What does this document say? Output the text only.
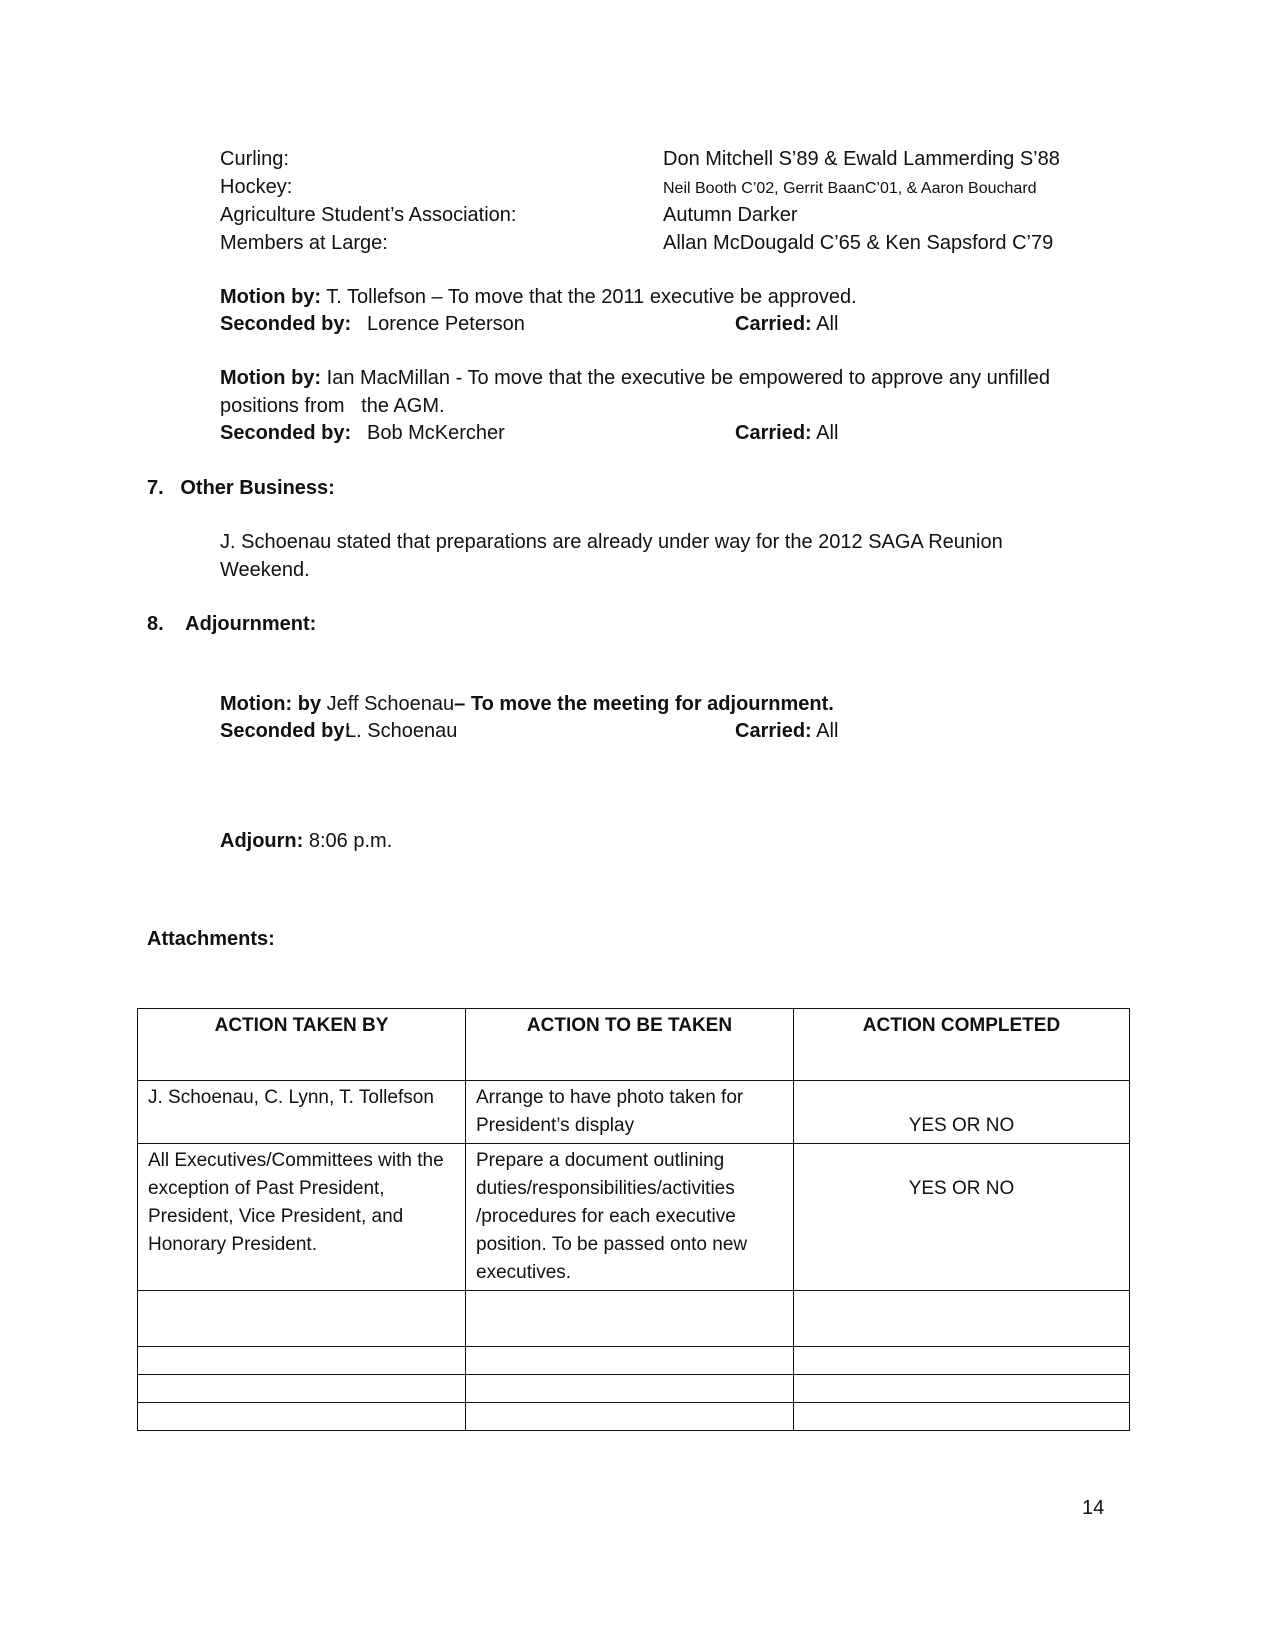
Curling:	Don Mitchell S’89 & Ewald Lammerding S’88
Hockey:	Neil Booth C’02, Gerrit BaanC’01, & Aaron Bouchard
Agriculture Student’s Association:	Autumn Darker
Members at Large:	Allan McDougald C’65 & Ken Sapsford C’79
Motion by: T. Tollefson – To move that the 2011 executive be approved.
Seconded by: Lorence Peterson	Carried: All
Motion by: Ian MacMillan - To move that the executive be empowered to approve any unfilled
positions from   the AGM.
Seconded by: Bob McKercher	Carried: All
7.   Other Business:
J. Schoenau stated that preparations are already under way for the 2012 SAGA Reunion
Weekend.
8.    Adjournment:
Motion: by Jeff Schoenau– To move the meeting for adjournment.
Seconded by:
L. Schoenau	Carried: All
Adjourn: 8:06 p.m.
Attachments:
ACTION TAKEN BY	ACTION TO BE TAKEN	ACTION COMPLETED
J. Schoenau, C. Lynn, T. Tollefson	Arrange to have photo taken for President’s display	YES OR NO
All Executives/Committees with the exception of Past President, President, Vice President, and Honorary President.	Prepare a document outlining duties/responsibilities/activities /procedures for each executive position. To be passed onto new executives.	YES OR NO

14
